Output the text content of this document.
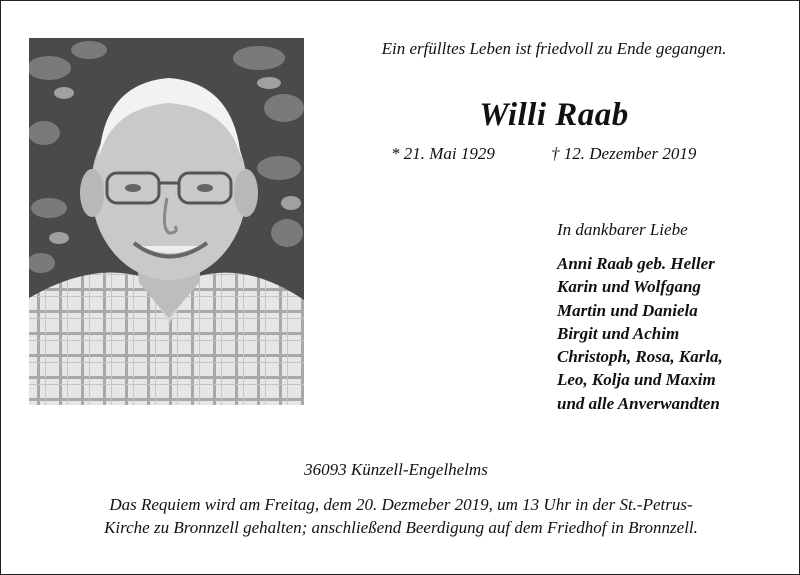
Ein erfülltes Leben ist friedvoll zu Ende gegangen.
Willi Raab
* 21. Mai 1929	† 12. Dezember 2019
In dankbarer Liebe
Anni Raab geb. Heller
Karin und Wolfgang
Martin und Daniela
Birgit und Achim
Christoph, Rosa, Karla,
Leo, Kolja und Maxim
und alle Anverwandten
36093 Künzell-Engelhelms
Das Requiem wird am Freitag, dem 20. Dezmeber 2019, um 13 Uhr in der St.-Petrus-
Kirche zu Bronnzell gehalten; anschließend Beerdigung auf dem Friedhof in Bronnzell.
